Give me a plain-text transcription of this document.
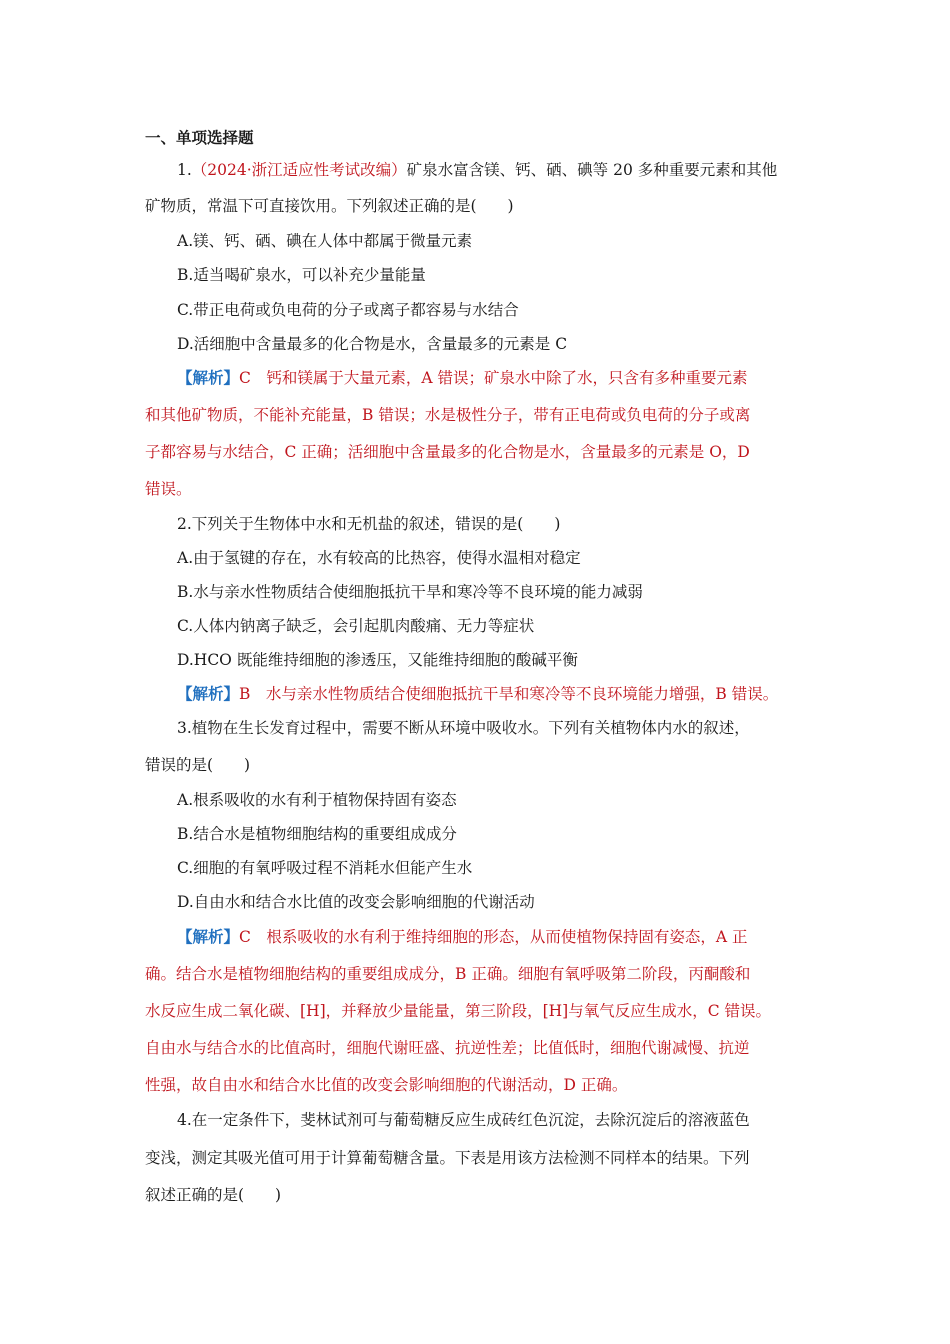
一、单项选择题
1.（2024·浙江适应性考试改编）矿泉水富含镁、钙、硒、碘等 20 多种重要元素和其他
矿物质，常温下可直接饮用。下列叙述正确的是(　　)
A.镁、钙、硒、碘在人体中都属于微量元素
B.适当喝矿泉水，可以补充少量能量
C.带正电荷或负电荷的分子或离子都容易与水结合
D.活细胞中含量最多的化合物是水，含量最多的元素是 C
【解析】C　钙和镁属于大量元素，A 错误；矿泉水中除了水，只含有多种重要元素
和其他矿物质，不能补充能量，B 错误；水是极性分子，带有正电荷或负电荷的分子或离
子都容易与水结合，C 正确；活细胞中含量最多的化合物是水，含量最多的元素是 O，D
错误。
2.下列关于生物体中水和无机盐的叙述，错误的是(　　)
A.由于氢键的存在，水有较高的比热容，使得水温相对稳定
B.水与亲水性物质结合使细胞抵抗干旱和寒冷等不良环境的能力减弱
C.人体内钠离子缺乏，会引起肌肉酸痛、无力等症状
D.HCO 既能维持细胞的渗透压，又能维持细胞的酸碱平衡
【解析】B　水与亲水性物质结合使细胞抵抗干旱和寒冷等不良环境能力增强，B 错误。
3.植物在生长发育过程中，需要不断从环境中吸收水。下列有关植物体内水的叙述，
错误的是(　　)
A.根系吸收的水有利于植物保持固有姿态
B.结合水是植物细胞结构的重要组成成分
C.细胞的有氧呼吸过程不消耗水但能产生水
D.自由水和结合水比值的改变会影响细胞的代谢活动
【解析】C　根系吸收的水有利于维持细胞的形态，从而使植物保持固有姿态，A 正
确。结合水是植物细胞结构的重要组成成分，B 正确。细胞有氧呼吸第二阶段，丙酮酸和
水反应生成二氧化碳、[H]，并释放少量能量，第三阶段，[H]与氧气反应生成水，C 错误。
自由水与结合水的比值高时，细胞代谢旺盛、抗逆性差；比值低时，细胞代谢减慢、抗逆
性强，故自由水和结合水比值的改变会影响细胞的代谢活动，D 正确。
4.在一定条件下，斐林试剂可与葡萄糖反应生成砖红色沉淀，去除沉淀后的溶液蓝色
变浅，测定其吸光值可用于计算葡萄糖含量。下表是用该方法检测不同样本的结果。下列
叙述正确的是(　　)
